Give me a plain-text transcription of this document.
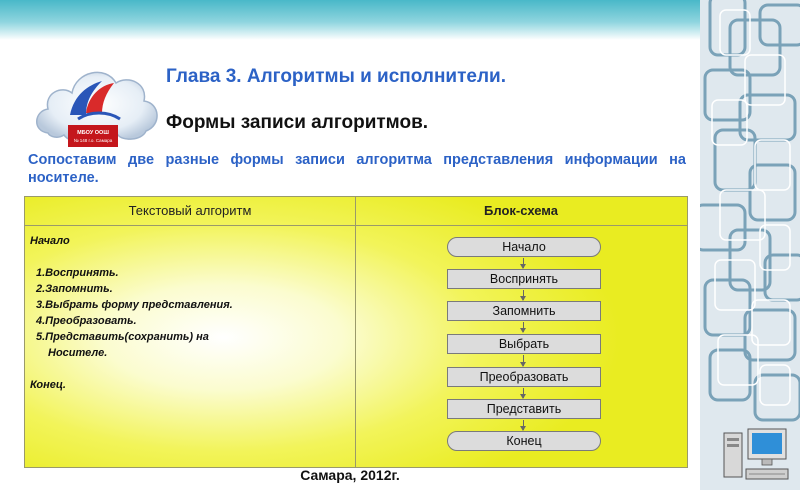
МБОУ ООШ
№ 148 г.о. Самара
Глава 3. Алгоритмы и исполнители.
Формы записи алгоритмов.
Сопоставим две разные формы записи алгоритма представления информации на носителе.
Текстовый алгоритм	Блок-схема
Начало

1.Воспринять.
2.Запомнить.
3.Выбрать форму представления.
4.Преобразовать.
5.Представить(сохранить) на
Носителе.

Конец.
Начало
Воспринять
Запомнить
Выбрать
Преобразовать
Представить
Конец
Самара, 2012г.
